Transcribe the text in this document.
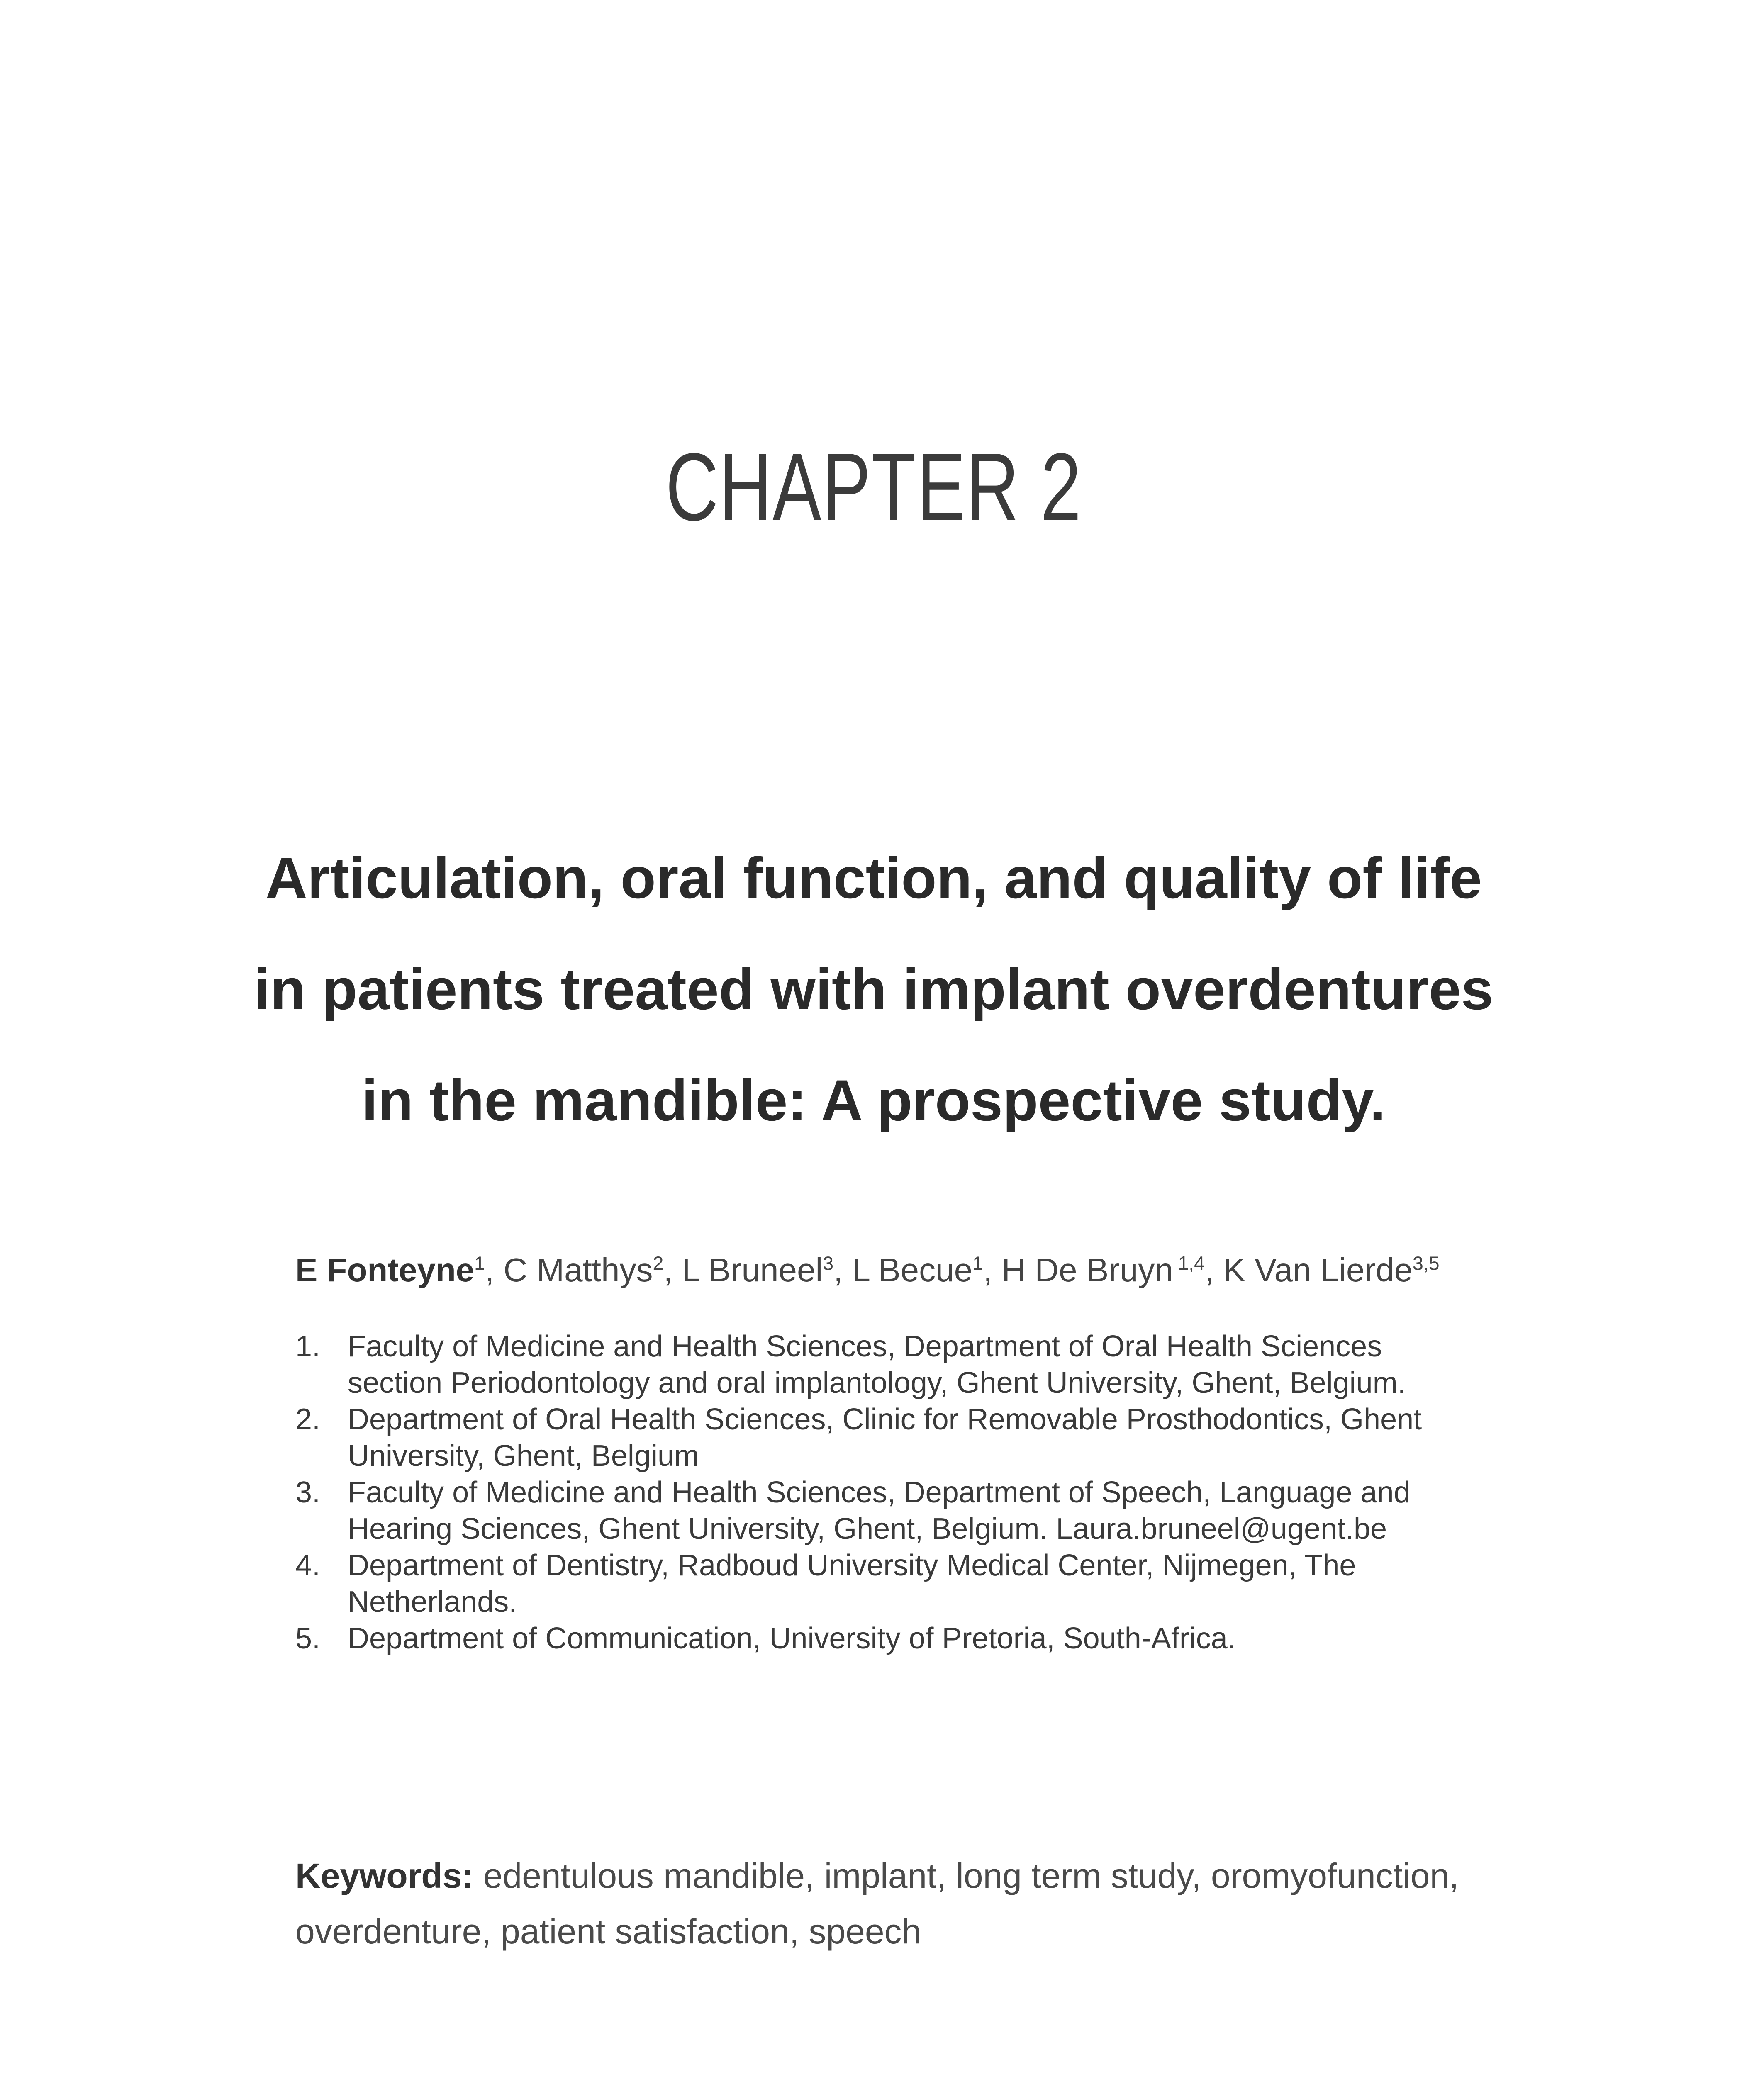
CHAPTER 2
Articulation, oral function, and quality of life
in patients treated with implant overdentures
in the mandible: A prospective study.
E Fonteyne$^1$, C Matthys$^2$, L Bruneel$^3$, L Becue$^1$, H De Bruyn $^{1,4}$, K Van Lierde$^{3,5}$
1. Faculty of Medicine and Health Sciences, Department of Oral Health Sciences section Periodontology and oral implantology, Ghent University, Ghent, Belgium.
2. Department of Oral Health Sciences, Clinic for Removable Prosthodontics, Ghent University, Ghent, Belgium
3. Faculty of Medicine and Health Sciences, Department of Speech, Language and Hearing Sciences, Ghent University, Ghent, Belgium. Laura.bruneel@ugent.be
4. Department of Dentistry, Radboud University Medical Center, Nijmegen, The Netherlands.
5. Department of Communication, University of Pretoria, South-Africa.

Keywords: edentulous mandible, implant, long term study, oromyofunction, overdenture, patient satisfaction, speech
